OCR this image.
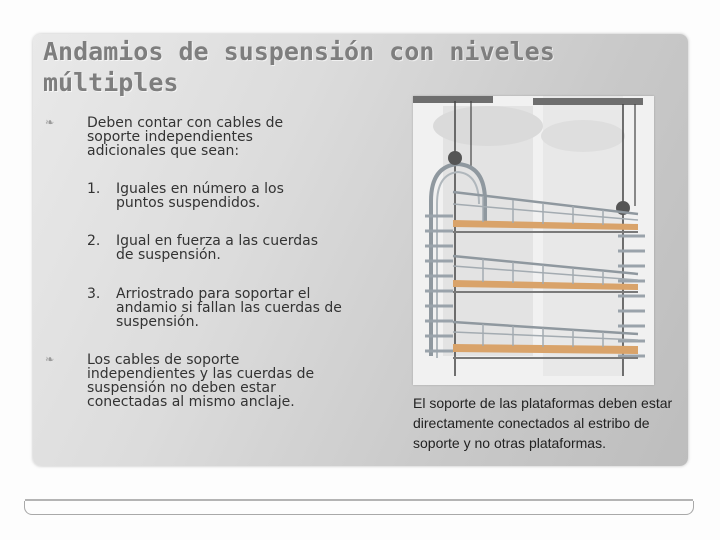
Andamios de suspensión con niveles múltiples
❧ Deben contar con cables de soporte independientes adicionales que sean:

1. Iguales en número a los puntos suspendidos.

2. Igual en fuerza a las cuerdas de suspensión.

3. Arriostrado para soportar el andamio si fallan las cuerdas de suspensión.

❧ Los cables de soporte independientes y las cuerdas de suspensión no deben estar conectadas al mismo anclaje.	El soporte de las plataformas deben estar directamente conectados al estribo de soporte y no otras plataformas.
